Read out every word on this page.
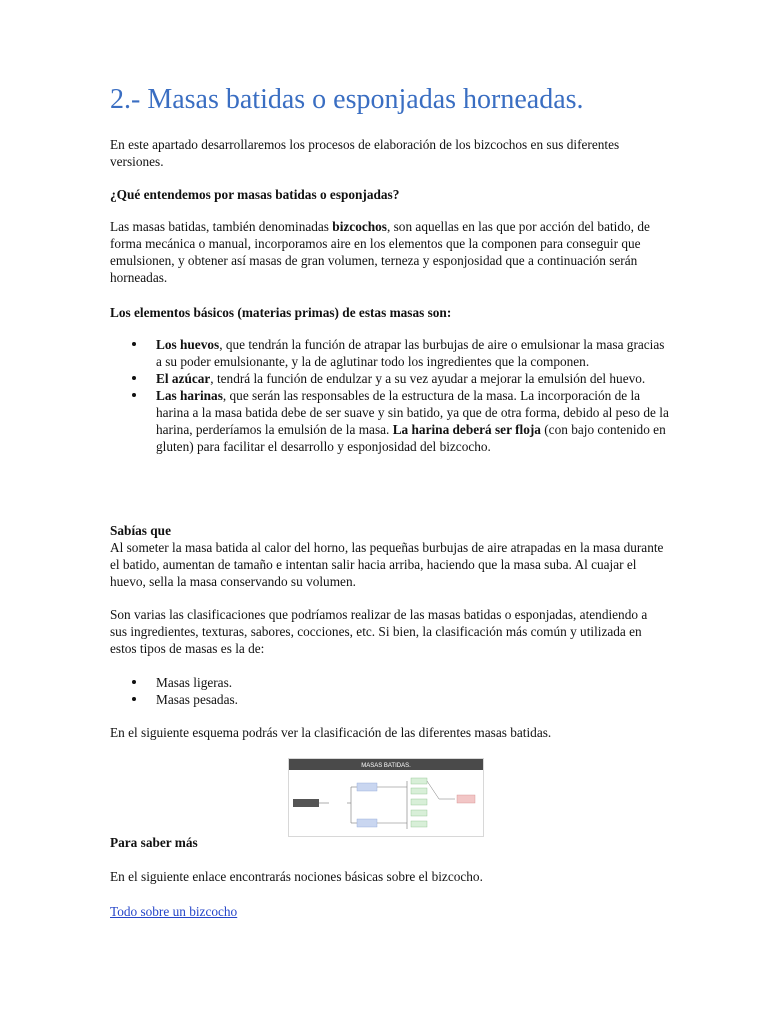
2.- Masas batidas o esponjadas horneadas.

En este apartado desarrollaremos los procesos de elaboración de los bizcochos en sus diferentes versiones.

¿Qué entendemos por masas batidas o esponjadas?

Las masas batidas, también denominadas bizcochos, son aquellas en las que por acción del batido, de forma mecánica o manual, incorporamos aire en los elementos que la componen para conseguir que emulsionen, y obtener así masas de gran volumen, terneza y esponjosidad que a continuación serán horneadas.

Los elementos básicos (materias primas) de estas masas son:

Los huevos, que tendrán la función de atrapar las burbujas de aire o emulsionar la masa gracias a su poder emulsionante, y la de aglutinar todo los ingredientes que la componen.
El azúcar, tendrá la función de endulzar y a su vez ayudar a mejorar la emulsión del huevo.
Las harinas, que serán las responsables de la estructura de la masa. La incorporación de la harina a la masa batida debe de ser suave y sin batido, ya que de otra forma, debido al peso de la harina, perderíamos la emulsión de la masa. La harina deberá ser floja (con bajo contenido en gluten) para facilitar el desarrollo y esponjosidad del bizcocho.

Sabías que
Al someter la masa batida al calor del horno, las pequeñas burbujas de aire atrapadas en la masa durante el batido, aumentan de tamaño e intentan salir hacia arriba, haciendo que la masa suba. Al cuajar el huevo, sella la masa conservando su volumen.

Son varias las clasificaciones que podríamos realizar de las masas batidas o esponjadas, atendiendo a sus ingredientes, texturas, sabores, cocciones, etc. Si bien, la clasificación más común y utilizada en estos tipos de masas es la de:

Masas ligeras.
Masas pesadas.

En el siguiente esquema podrás ver la clasificación de las diferentes masas batidas.

Para saber más

En el siguiente enlace encontrarás nociones básicas sobre el bizcocho.

Todo sobre un bizcocho
MASAS BATIDAS.
